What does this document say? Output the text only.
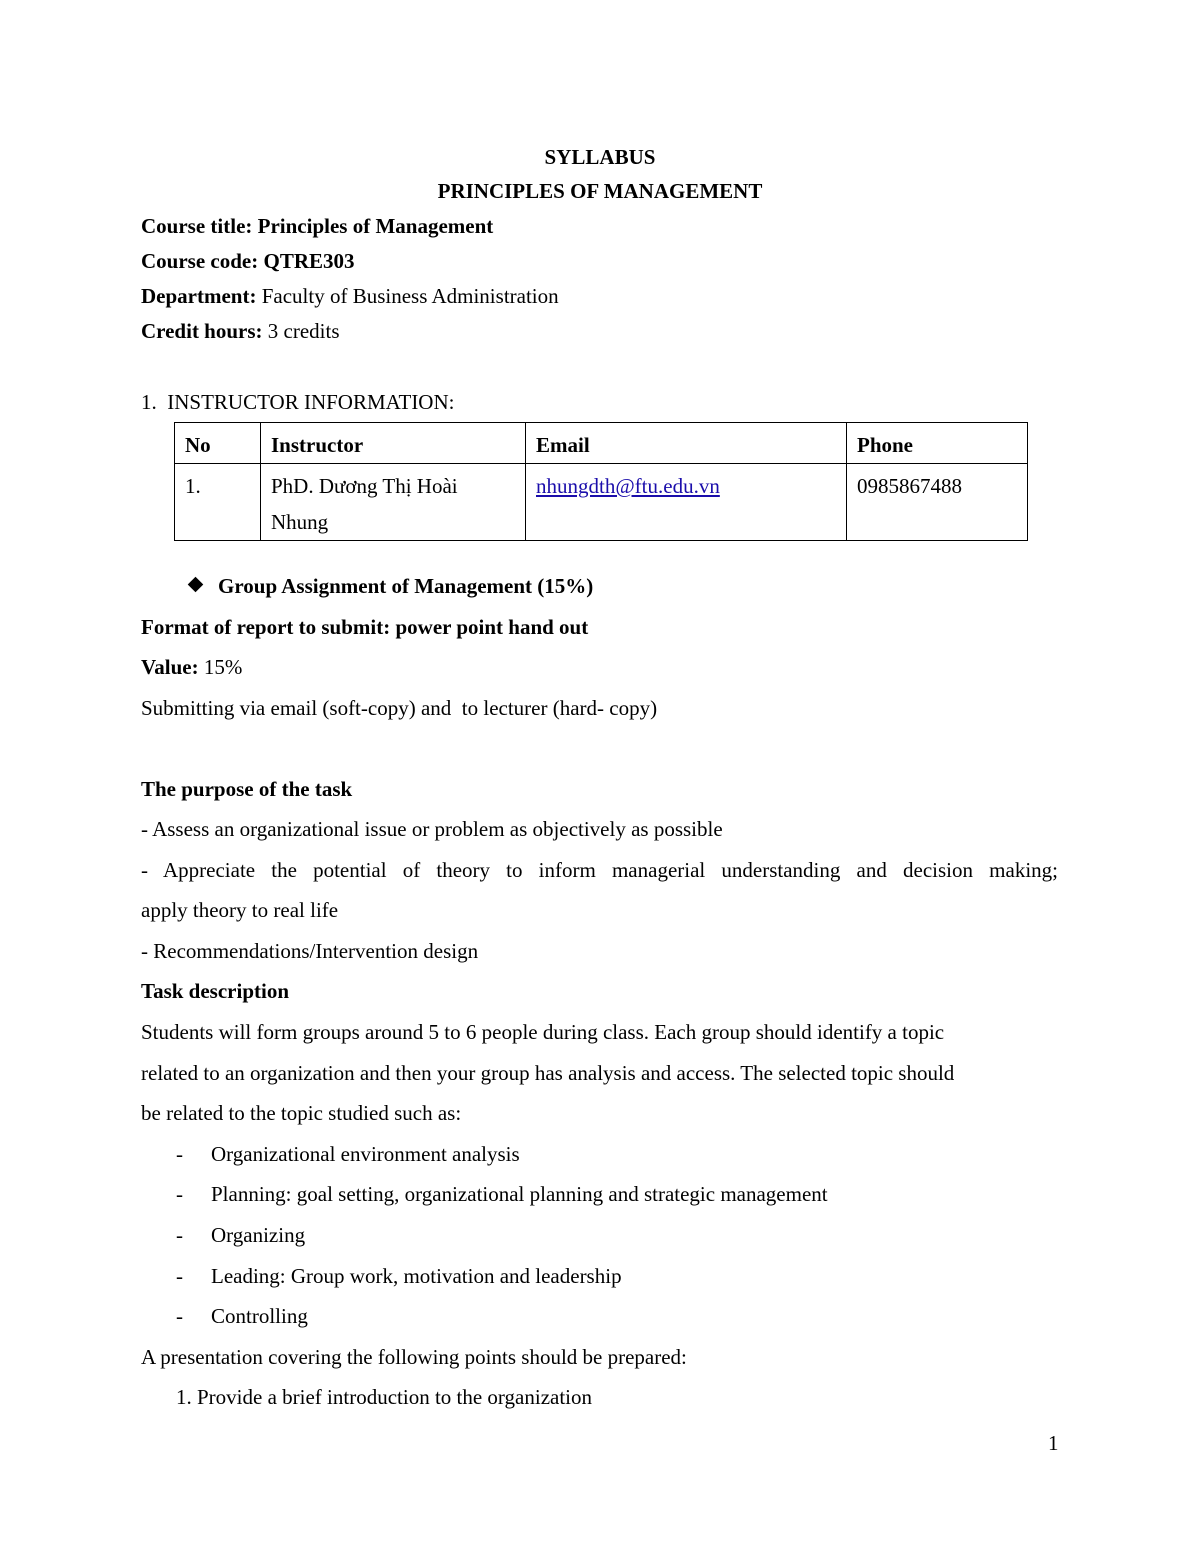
SYLLABUS
PRINCIPLES OF MANAGEMENT
Course title: Principles of Management
Course code: QTRE303
Department: Faculty of Business Administration
Credit hours: 3 credits
1.  INSTRUCTOR INFORMATION:
No	Instructor	Email	Phone
1.	PhD. Dương Thị Hoài Nhung	nhungdth@ftu.edu.vn	0985867488
Group Assignment of Management (15%)
Format of report to submit: power point hand out
Value: 15%
Submitting via email (soft-copy) and  to lecturer (hard- copy)
The purpose of the task
- Assess an organizational issue or problem as objectively as possible
- Appreciate the potential of theory to inform managerial understanding and decision making;
apply theory to real life
- Recommendations/Intervention design
Task description
Students will form groups around 5 to 6 people during class. Each group should identify a topic
related to an organization and then your group has analysis and access. The selected topic should
be related to the topic studied such as:
- Organizational environment analysis
- Planning: goal setting, organizational planning and strategic management
- Organizing
- Leading: Group work, motivation and leadership
- Controlling
A presentation covering the following points should be prepared:
1. Provide a brief introduction to the organization
1
